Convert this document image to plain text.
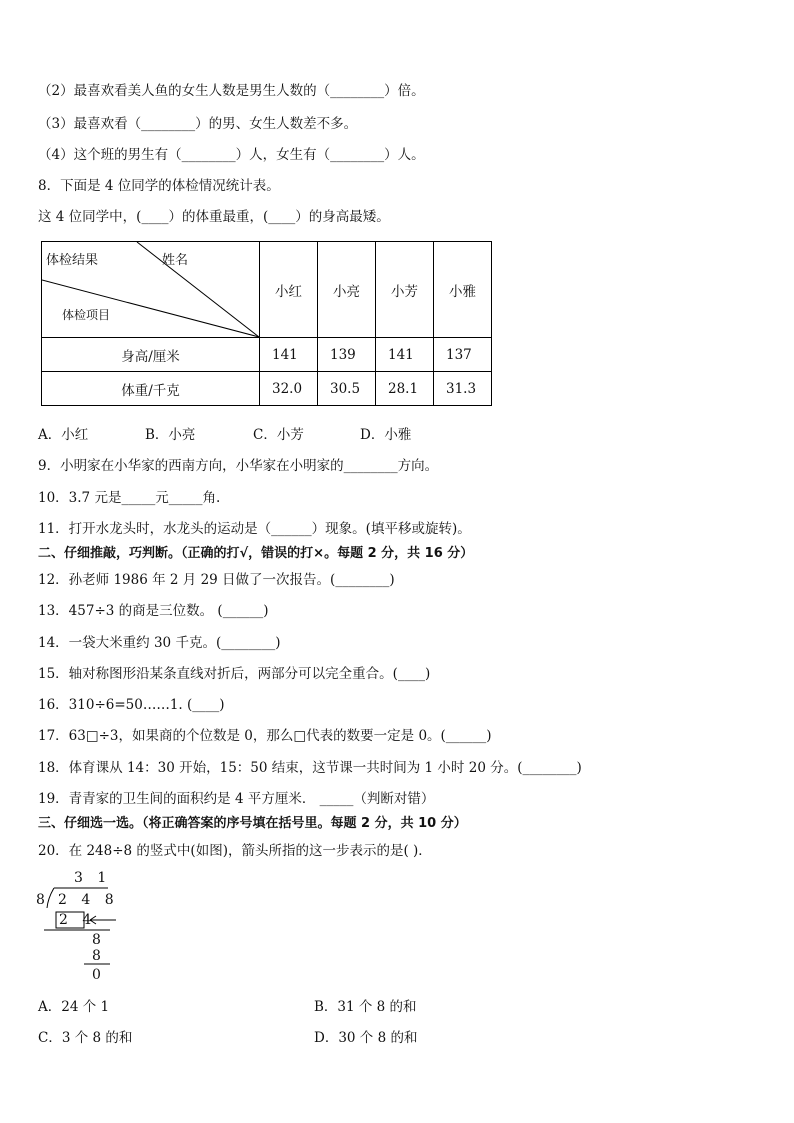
（2）最喜欢看美人鱼的女生人数是男生人数的（________）倍。
（3）最喜欢看（________）的男、女生人数差不多。
（4）这个班的男生有（________）人，女生有（________）人。
8．下面是 4 位同学的体检情况统计表。
这 4 位同学中，(____）的体重最重，(____）的身高最矮。
体检结果 姓名
体检项目	小红	小亮	小芳	小雅
身高/厘米	141	139	141	137
体重/千克	32.0	30.5	28.1	31.3
A．小红	B．小亮	C．小芳	D．小雅
9．小明家在小华家的西南方向，小华家在小明家的________方向。
10．3.7 元是_____元_____角.
11．打开水龙头时，水龙头的运动是（______）现象。(填平移或旋转)。
二、仔细推敲，巧判断。（正确的打√，错误的打×。每题 2 分，共 16 分）
12．孙老师 1986 年 2 月 29 日做了一次报告。(________)
13．457÷3 的商是三位数。 (______)
14．一袋大米重约 30 千克。(________)
15．轴对称图形沿某条直线对折后，两部分可以完全重合。(____)
16．310÷6=50……1. (____)
17．63□÷3，如果商的个位数是 0，那么□代表的数要一定是 0。(______)
18．体育课从 14：30 开始，15：50 结束，这节课一共时间为 1 小时 20 分。(________)
19．青青家的卫生间的面积约是 4 平方厘米． _____（判断对错）
三、仔细选一选。（将正确答案的序号填在括号里。每题 2 分，共 10 分）
20．在 248÷8 的竖式中(如图)，箭头所指的这一步表示的是( )．
3 1
8 2 4 8
2 4
8
8
0
A．24 个 1	B．31 个 8 的和
C．3 个 8 的和	D．30 个 8 的和
